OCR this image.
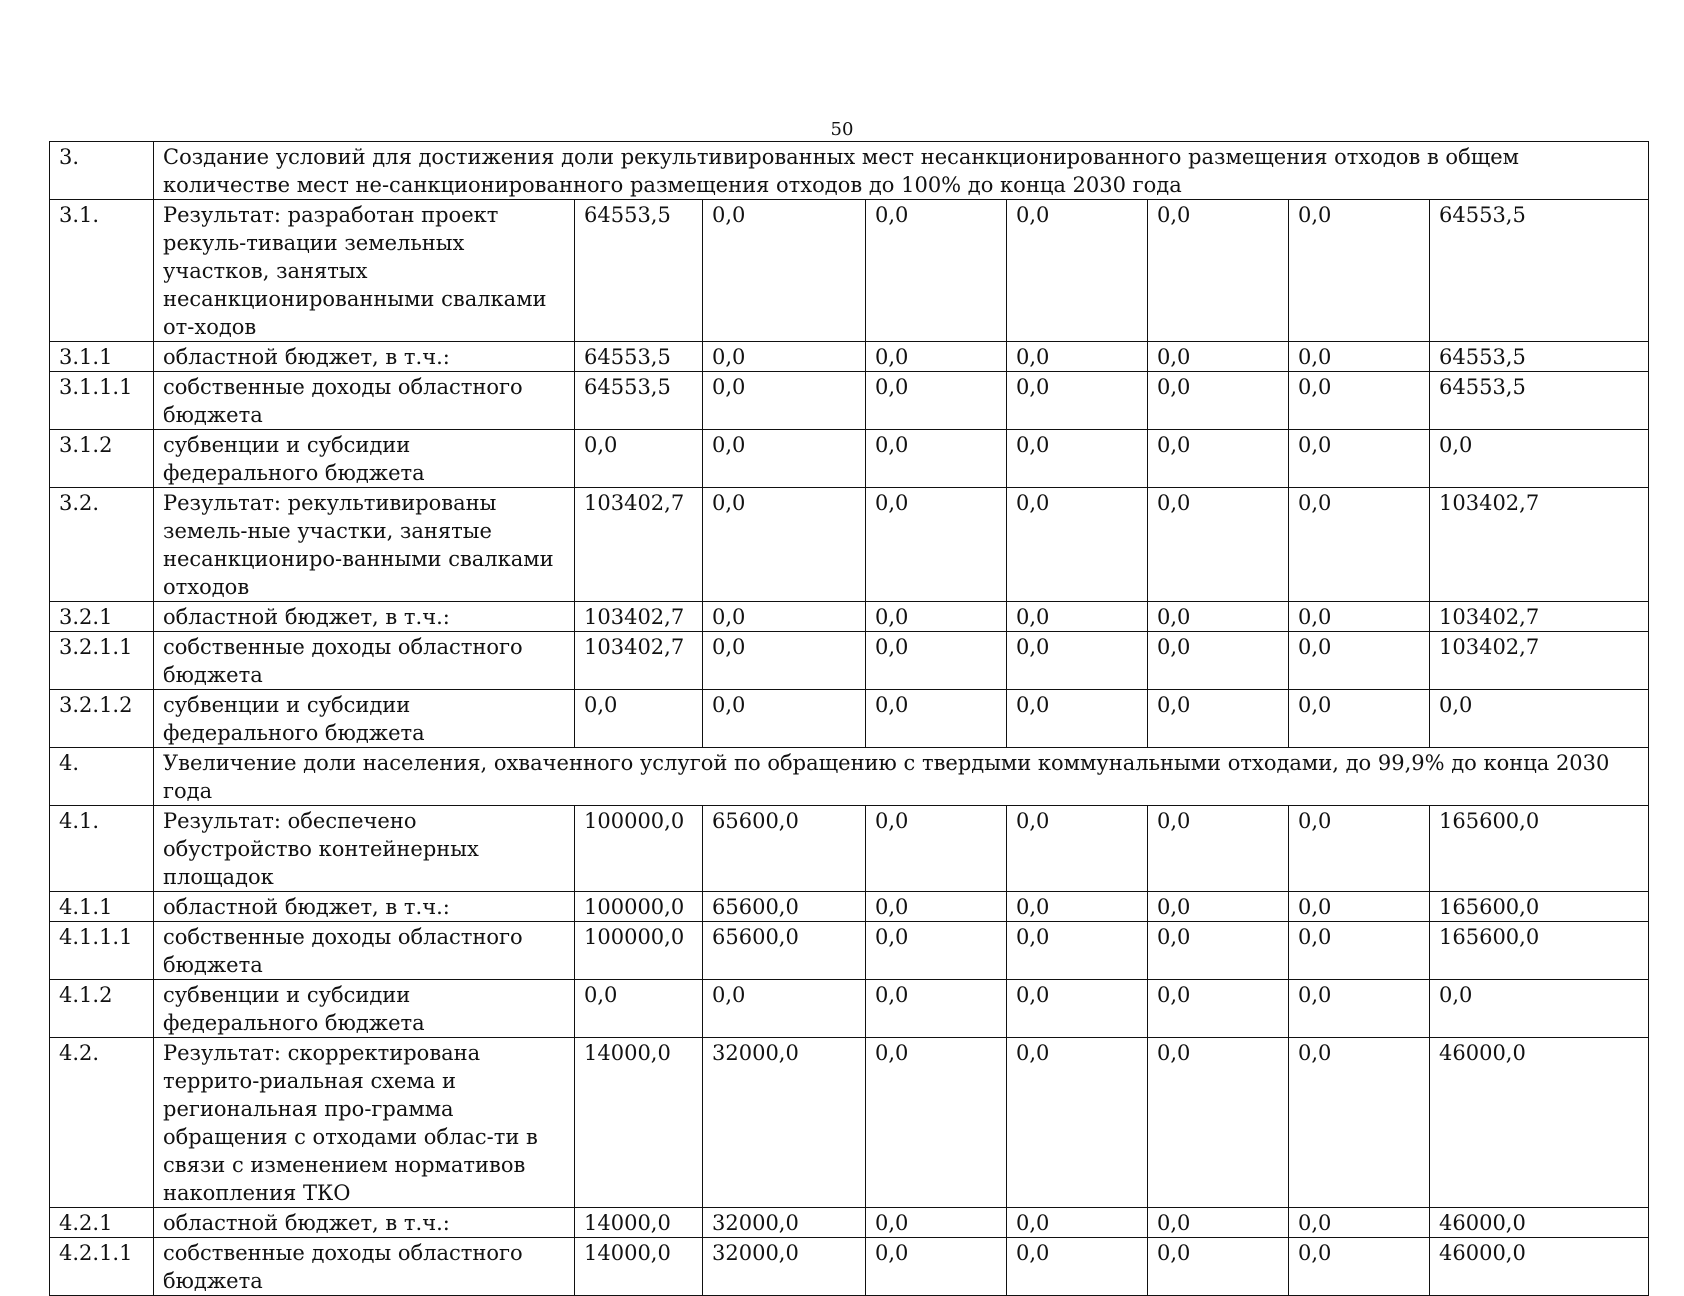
50
3.	Создание условий для достижения доли рекультивированных мест несанкционированного размещения отходов в общем количестве мест не-санкционированного размещения отходов до 100% до конца 2030 года							
3.1.	Результат: разработан проект рекуль-тивации земельных участков, занятых несанкционированными свалками от-ходов	64553,5	0,0	0,0	0,0	0,0	0,0	64553,5
3.1.1	областной бюджет, в т.ч.:	64553,5	0,0	0,0	0,0	0,0	0,0	64553,5
3.1.1.1	собственные доходы областного бюджета	64553,5	0,0	0,0	0,0	0,0	0,0	64553,5
3.1.2	субвенции и субсидии федерального бюджета	0,0	0,0	0,0	0,0	0,0	0,0	0,0
3.2.	Результат: рекультивированы земель-ные участки, занятые несанкциониро-ванными свалками отходов	103402,7	0,0	0,0	0,0	0,0	0,0	103402,7
3.2.1	областной бюджет, в т.ч.:	103402,7	0,0	0,0	0,0	0,0	0,0	103402,7
3.2.1.1	собственные доходы областного бюджета	103402,7	0,0	0,0	0,0	0,0	0,0	103402,7
3.2.1.2	субвенции и субсидии федерального бюджета	0,0	0,0	0,0	0,0	0,0	0,0	0,0
4.	Увеличение доли населения, охваченного услугой по обращению с твердыми коммунальными отходами, до 99,9% до конца 2030 года							
4.1.	Результат: обеспечено обустройство контейнерных площадок	100000,0	65600,0	0,0	0,0	0,0	0,0	165600,0
4.1.1	областной бюджет, в т.ч.:	100000,0	65600,0	0,0	0,0	0,0	0,0	165600,0
4.1.1.1	собственные доходы областного бюджета	100000,0	65600,0	0,0	0,0	0,0	0,0	165600,0
4.1.2	субвенции и субсидии федерального бюджета	0,0	0,0	0,0	0,0	0,0	0,0	0,0
4.2.	Результат: скорректирована террито-риальная схема и региональная про-грамма обращения с отходами облас-ти в связи с изменением нормативов накопления ТКО	14000,0	32000,0	0,0	0,0	0,0	0,0	46000,0
4.2.1	областной бюджет, в т.ч.:	14000,0	32000,0	0,0	0,0	0,0	0,0	46000,0
4.2.1.1	собственные доходы областного бюджета	14000,0	32000,0	0,0	0,0	0,0	0,0	46000,0
